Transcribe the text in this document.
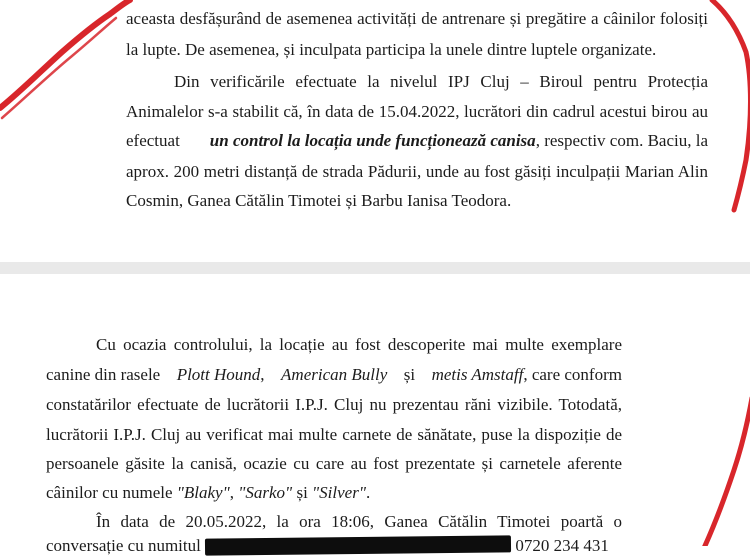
aceasta desfășurând de asemenea activități de antrenare și pregătire a câinilor folosiți
la lupte. De asemenea, și inculpata participa la unele dintre luptele organizate.
Din verificările efectuate la nivelul IPJ Cluj – Biroul pentru Protecția
Animalelor s-a stabilit că, în data de 15.04.2022, lucrători din cadrul acestui birou au
efectuat un control la locația unde funcționează canisa, respectiv com. Baciu, la
aprox. 200 metri distanță de strada Pădurii, unde au fost găsiți inculpații Marian Alin
Cosmin, Ganea Cătălin Timotei și Barbu Ianisa Teodora.
Cu ocazia controlului, la locație au fost descoperite mai multe exemplare
canine din rasele Plott Hound, American Bully și metis Amstaff, care conform
constatărilor efectuate de lucrătorii I.P.J. Cluj nu prezentau răni vizibile. Totodată,
lucrătorii I.P.J. Cluj au verificat mai multe carnete de sănătate, puse la dispoziție de
persoanele găsite la canisă, ocazie cu care au fost prezentate și carnetele aferente
câinilor cu numele "Blaky", "Sarko" și "Silver".
În data de 20.05.2022, la ora 18:06, Ganea Cătălin Timotei poartă o
conversație cu numitul	0720 234 431
